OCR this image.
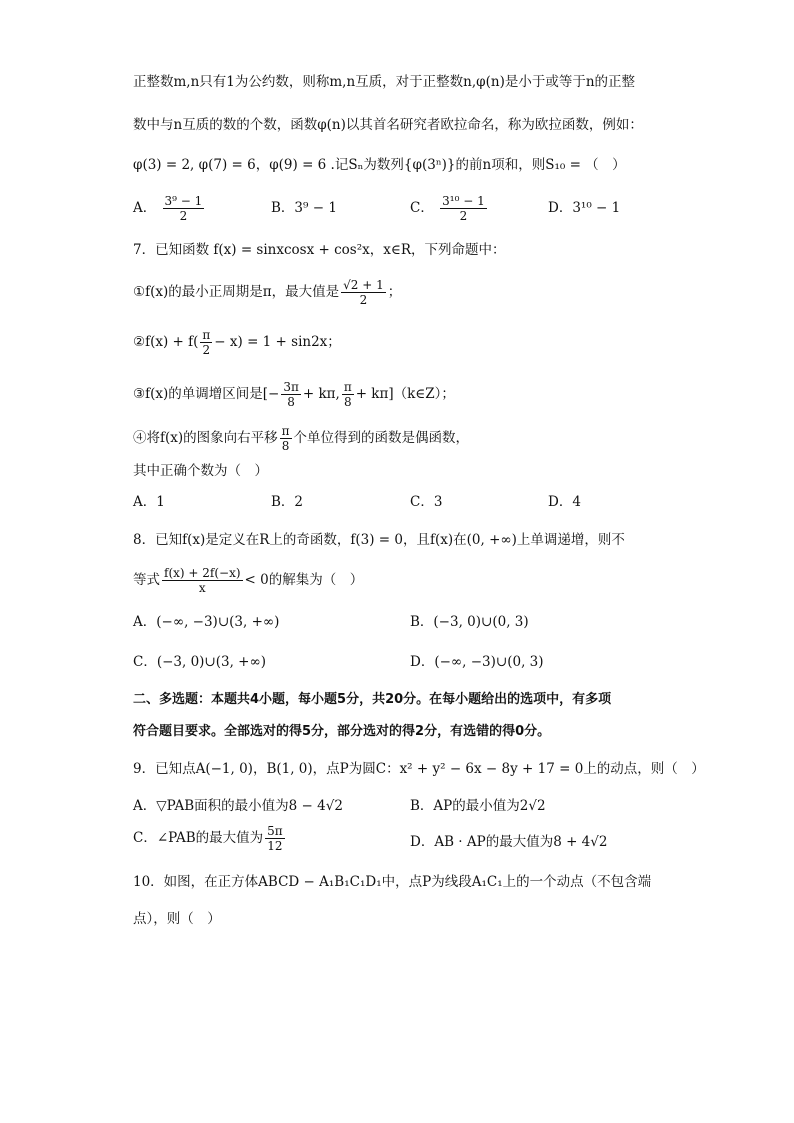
正整数m,n只有1为公约数，则称m,n互质，对于正整数n,φ(n)是小于或等于n的正整
数中与n互质的数的个数，函数φ(n)以其首名研究者欧拉命名，称为欧拉函数，例如：
φ(3) = 2, φ(7) = 6，φ(9) = 6 .记Sₙ为数列{φ(3ⁿ)}的前n项和，则S₁₀ = （　）
A． $\frac{\text{3⁹ − 1}}{2}$	B．3⁹ − 1	C． $\frac{\text{3¹⁰ − 1}}{2}$	D．3¹⁰ − 1
7．已知函数 f(x) = sinxcosx + cos²x，x∈R，下列命题中：
①f(x)的最小正周期是π，最大值是 $\frac{√2 + 1}{2}$ ；
②f(x) + $f( \frac{\pi}{2} - x) = 1 + \sin 2x$；
③f(x)的单调增区间是[− $\frac{3\pi}{8} + k\pi$, $\frac{\pi}{8}$ + kπ]（k∈Z）；
④将f(x)的图象向右平移 $\frac{\pi}{8}$ 个单位得到的函数是偶函数，
其中正确个数为（　）
A．1	B．2	C．3	D．4
8．已知f(x)是定义在R上的奇函数，f(3) = 0，且f(x)在(0, +∞)上单调递增，则不
等式 $\frac{f(x) + 2f(-x)}{x} < 0$的解集为（　）
A．(−∞, −3)∪(3, +∞)	B．(−3, 0)∪(0, 3)
C．(−3, 0)∪(3, +∞)	D．(−∞, −3)∪(0, 3)
二、多选题：本题共4小题，每小题5分，共20分。在每小题给出的选项中，有多项
符合题目要求。全部选对的得5分，部分选对的得2分，有选错的得0分。
9．已知点A(−1, 0)，B(1, 0)，点P为圆C：x² + y² − 6x − 8y + 17 = 0上的动点，则（　）
A．▽PAB面积的最小值为8 − 4√2	B．AP的最小值为2√2
C．∠PAB的最大值为 $\frac{5\pi}{12}$	D．AB · AP的最大值为8 + 4√2
10．如图，在正方体ABCD − A₁B₁C₁D₁中，点P为线段A₁C₁上的一个动点（不包含端
点），则（　）
